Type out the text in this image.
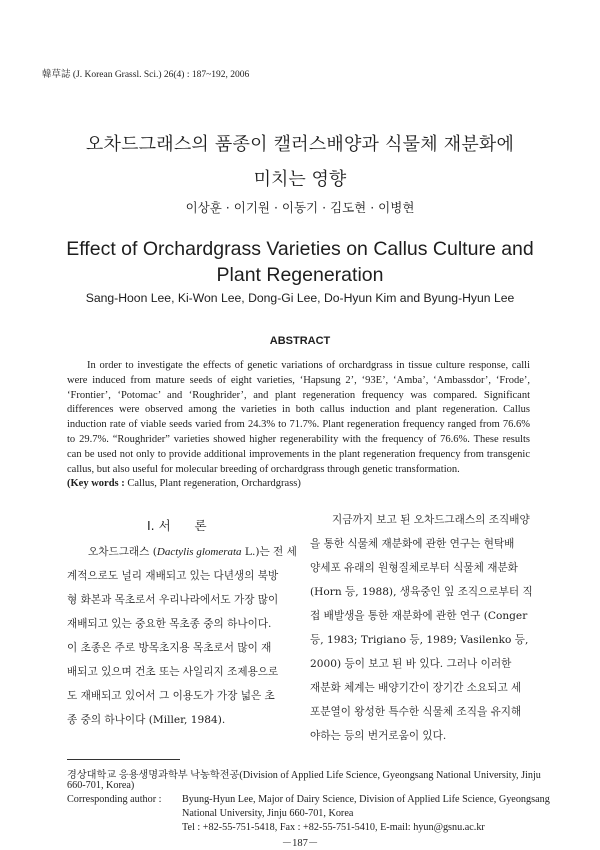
韓草誌 (J. Korean Grassl. Sci.) 26(4) : 187~192, 2006
오차드그래스의 품종이 캘러스배양과 식물체 재분화에
미치는 영향
이상훈 · 이기원 · 이동기 · 김도현 · 이병현
Effect of Orchardgrass Varieties on Callus Culture and
Plant Regeneration
Sang-Hoon Lee, Ki-Won Lee, Dong-Gi Lee, Do-Hyun Kim and Byung-Hyun Lee
ABSTRACT
In order to investigate the effects of genetic variations of orchardgrass in tissue culture response, calli were induced from mature seeds of eight varieties, ‘Hapsung 2’, ‘93E’, ‘Amba’, ‘Ambassdor’, ‘Frode’, ‘Frontier’, ‘Potomac’ and ‘Roughrider’, and plant regeneration frequency was compared. Significant differences were observed among the varieties in both callus induction and plant regeneration. Callus induction rate of viable seeds varied from 24.3% to 71.7%. Plant regeneration frequency ranged from 76.6% to 29.7%. “Roughrider” varieties showed higher regenerability with the frequency of 76.6%. These results can be used not only to provide additional improvements in the plant regeneration frequency from transgenic callus, but also useful for molecular breeding of orchardgrass through genetic transformation.
(Key words : Callus, Plant regeneration, Orchardgrass)
Ⅰ. 서      론
오차드그래스 (Dactylis glomerata L.)는 전 세
계적으로도 널리 재배되고 있는 다년생의 북방
형 화본과 목초로서 우리나라에서도 가장 많이
재배되고 있는 중요한 목초종 중의 하나이다.
이 초종은 주로 방목초지용 목초로서 많이 재
배되고 있으며 건초 또는 사일리지 조제용으로
도 재배되고 있어서 그 이용도가 가장 넓은 초
종 중의 하나이다 (Miller, 1984).
지금까지 보고 된 오차드그래스의 조직배양
을 통한 식물체 재분화에 관한 연구는 현탁배
양세포 유래의 원형질체로부터 식물체 재분화
(Horn 등, 1988), 생육중인 잎 조직으로부터 직
접 배발생을 통한 재분화에 관한 연구 (Conger
등, 1983; Trigiano 등, 1989; Vasilenko 등,
2000) 등이 보고 된 바 있다. 그러나 이러한
재분화 체계는 배양기간이 장기간 소요되고 세
포분열이 왕성한 특수한 식물체 조직을 유지해
야하는 등의 번거로움이 있다.
경상대학교 응용생명과학부 낙농학전공(Division of Applied Life Science, Gyeongsang National University, Jinju
660-701, Korea)
Corresponding author : Byung-Hyun Lee, Major of Dairy Science, Division of Applied Life Science, Gyeongsang
National University, Jinju 660-701, Korea
Tel : +82-55-751-5418, Fax : +82-55-751-5410, E-mail: hyun@gsnu.ac.kr
－187－
